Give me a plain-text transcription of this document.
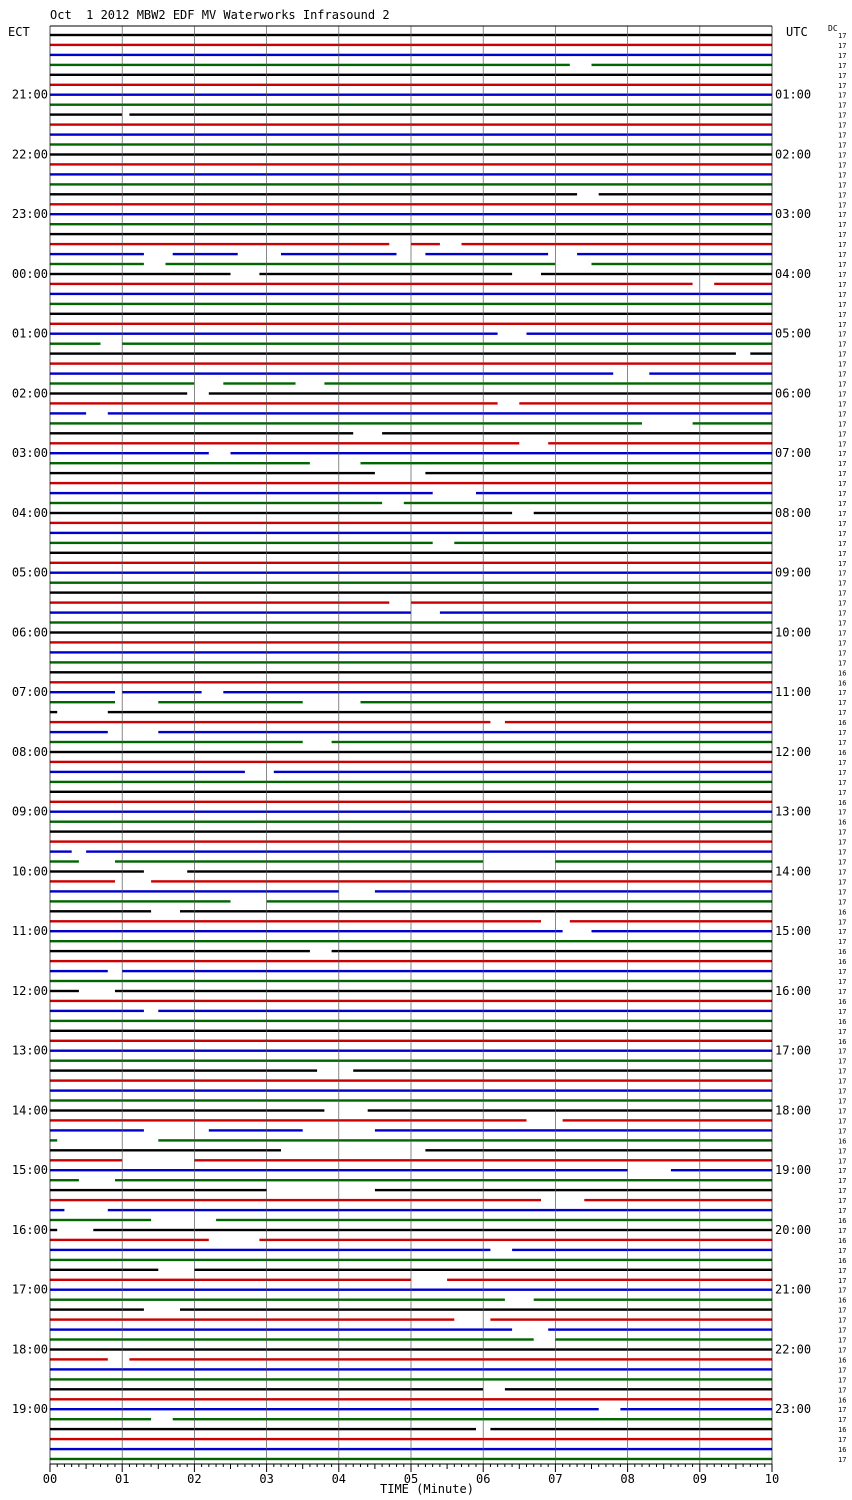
00	01	02	03	04	05	06	07	08	09	10
21:00
22:00
23:00
00:00
01:00
02:00
03:00
04:00
05:00
06:00
07:00
08:00
09:00
10:00
11:00
12:00
13:00
14:00
15:00
16:00
17:00
18:00
19:00
01:00
02:00
03:00
04:00
05:00
06:00
07:00
08:00
09:00
10:00
11:00
12:00
13:00
14:00
15:00
16:00
17:00
18:00
19:00
20:00
21:00
22:00
23:00
17
17
17
17
17
17
17
17
17
17
17
17
17
17
17
17
17
17
17
17
17
17
17
17
17
17
17
17
17
17
17
17
17
17
17
17
17
17
17
17
17
17
17
17
17
17
17
17
17
17
17
17
17
17
17
17
17
17
17
17
17
17
17
17
16
16
17
17
17
16
17
17
16
17
17
17
17
16
17
16
17
17
17
17
17
17
17
17
16
17
17
17
16
16
17
17
17
16
17
16
17
16
17
17
17
17
17
17
17
17
17
16
17
17
17
17
17
17
17
16
17
16
17
16
17
17
17
16
17
17
17
17
17
16
17
17
17
16
17
17
16
17
16
17
Oct  1 2012 MBW2 EDF MV Waterworks Infrasound 2
ECT	UTC	DC
TIME (Minute)
